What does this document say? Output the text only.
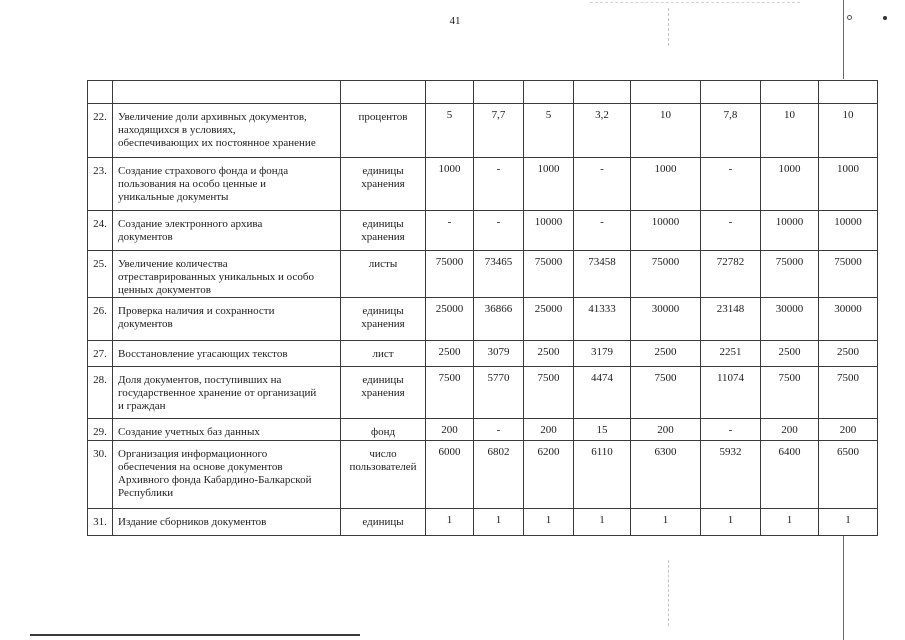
41

22.	Увеличение доли архивных документов,
находящихся в условиях,
обеспечивающих их постоянное хранение	процентов	5	7,7	5	3,2	10	7,8	10	10
23.	Создание страхового фонда и фонда
пользования на особо ценные и
уникальные документы	единицы
хранения	1000	-	1000	-	1000	-	1000	1000
24.	Создание электронного архива
документов	единицы
хранения	-	-	10000	-	10000	-	10000	10000
25.	Увеличение количества
отреставрированных уникальных и особо
ценных документов	листы	75000	73465	75000	73458	75000	72782	75000	75000
26.	Проверка наличия и сохранности
документов	единицы
хранения	25000	36866	25000	41333	30000	23148	30000	30000
27.	Восстановление угасающих текстов	лист	2500	3079	2500	3179	2500	2251	2500	2500
28.	Доля документов, поступивших на
государственное хранение от организаций
и граждан	единицы
хранения	7500	5770	7500	4474	7500	11074	7500	7500
29.	Создание учетных баз данных	фонд	200	-	200	15	200	-	200	200
30.	Организация информационного
обеспечения на основе документов
Архивного фонда Кабардино-Балкарской
Республики	число
пользователей	6000	6802	6200	6110	6300	5932	6400	6500
31.	Издание сборников документов	единицы	1	1	1	1	1	1	1	1
